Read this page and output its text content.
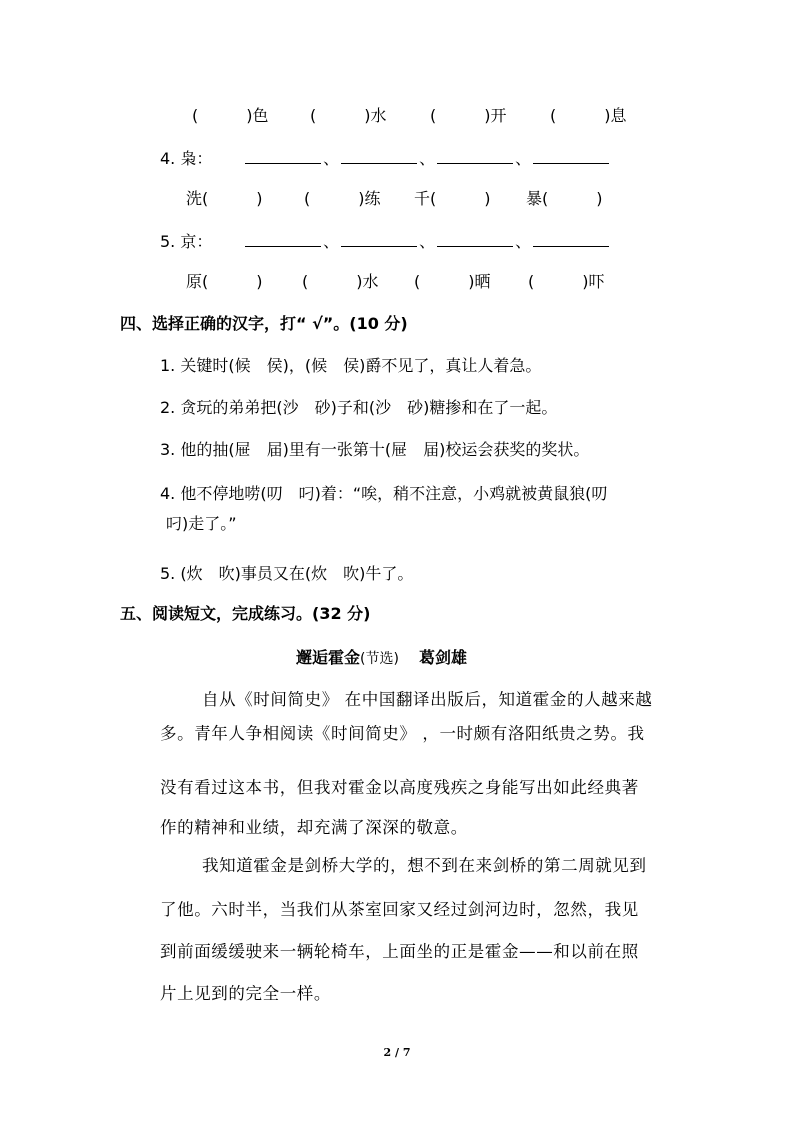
(　　　)色	(　　　)水	(　　　)开	(　　　)息
4. 枭：	、	、	、
洗(　　　)	(　　　)练 千(　　　) 暴(　　　)
5. 京：	、	、	、
原(　　　) (　　　)水 (　　　)晒 (　　　)吓
四、选择正确的汉字，打“ √”。(10 分)
1. 关键时(候　侯)，(候　侯)爵不见了，真让人着急。
2. 贪玩的弟弟把(沙　砂)子和(沙　砂)糖掺和在了一起。
3. 他的抽(屉　届)里有一张第十(屉　届)校运会获奖的奖状。
4. 他不停地唠(叨　叼)着：“唉，稍不注意，小鸡就被黄鼠狼(叨
叼)走了。”
5. (炊　吹)事员又在(炊　吹)牛了。
五、阅读短文，完成练习。(32 分)
邂逅霍金(节选) 葛剑雄
自从《时间简史》 在中国翻译出版后，知道霍金的人越来越
多。青年人争相阅读《时间简史》 ，一时颇有洛阳纸贵之势。我
没有看过这本书，但我对霍金以高度残疾之身能写出如此经典著
作的精神和业绩，却充满了深深的敬意。
我知道霍金是剑桥大学的，想不到在来剑桥的第二周就见到
了他。六时半，当我们从茶室回家又经过剑河边时，忽然，我见
到前面缓缓驶来一辆轮椅车，上面坐的正是霍金——和以前在照
片上见到的完全一样。
2 / 7
